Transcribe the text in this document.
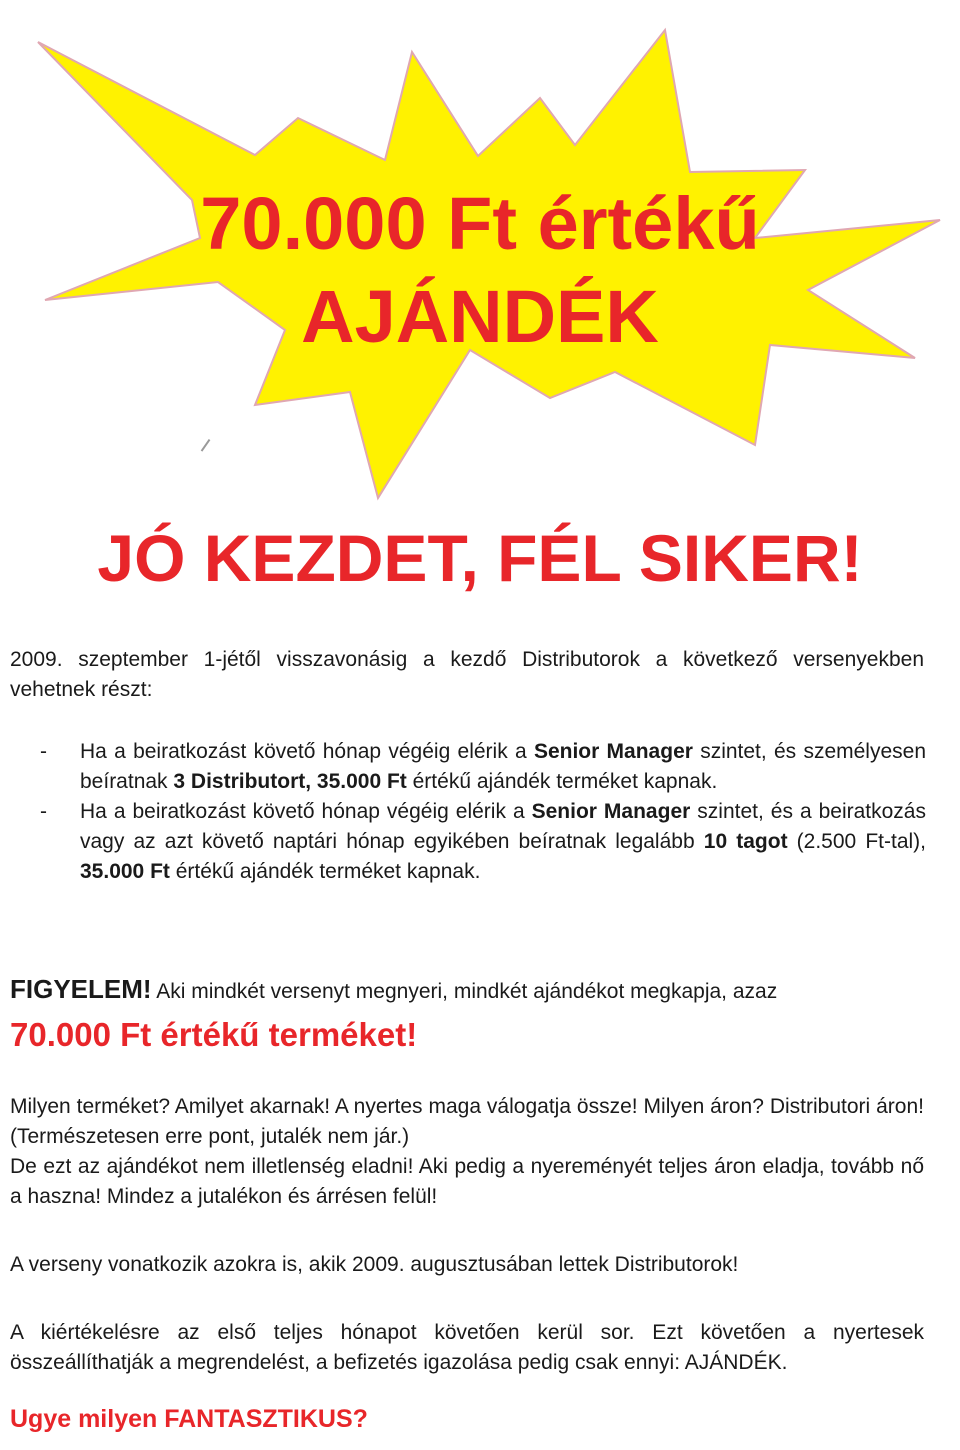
70.000 Ft értékű
AJÁNDÉK
JÓ KEZDET, FÉL SIKER!
2009. szeptember 1-jétől visszavonásig a kezdő Distributorok a következő versenyekben vehetnek részt:
- Ha a beiratkozást követő hónap végéig elérik a Senior Manager szintet, és személyesen beíratnak 3 Distributort, 35.000 Ft értékű ajándék terméket kapnak.
- Ha a beiratkozást követő hónap végéig elérik a Senior Manager szintet, és a beiratkozás vagy az azt követő naptári hónap egyikében beíratnak legalább 10 tagot (2.500 Ft-tal), 35.000 Ft értékű ajándék terméket kapnak.
FIGYELEM! Aki mindkét versenyt megnyeri, mindkét ajándékot megkapja, azaz
70.000 Ft értékű terméket!
Milyen terméket? Amilyet akarnak! A nyertes maga válogatja össze! Milyen áron? Distributori áron! (Természetesen erre pont, jutalék nem jár.)
De ezt az ajándékot nem illetlenség eladni! Aki pedig a nyereményét teljes áron eladja, tovább nő a haszna! Mindez a jutalékon és árrésen felül!
A verseny vonatkozik azokra is, akik 2009. augusztusában lettek Distributorok!
A kiértékelésre az első teljes hónapot követően kerül sor. Ezt követően a nyertesek összeállíthatják a megrendelést, a befizetés igazolása pedig csak ennyi: AJÁNDÉK.
Ugye milyen FANTASZTIKUS?
